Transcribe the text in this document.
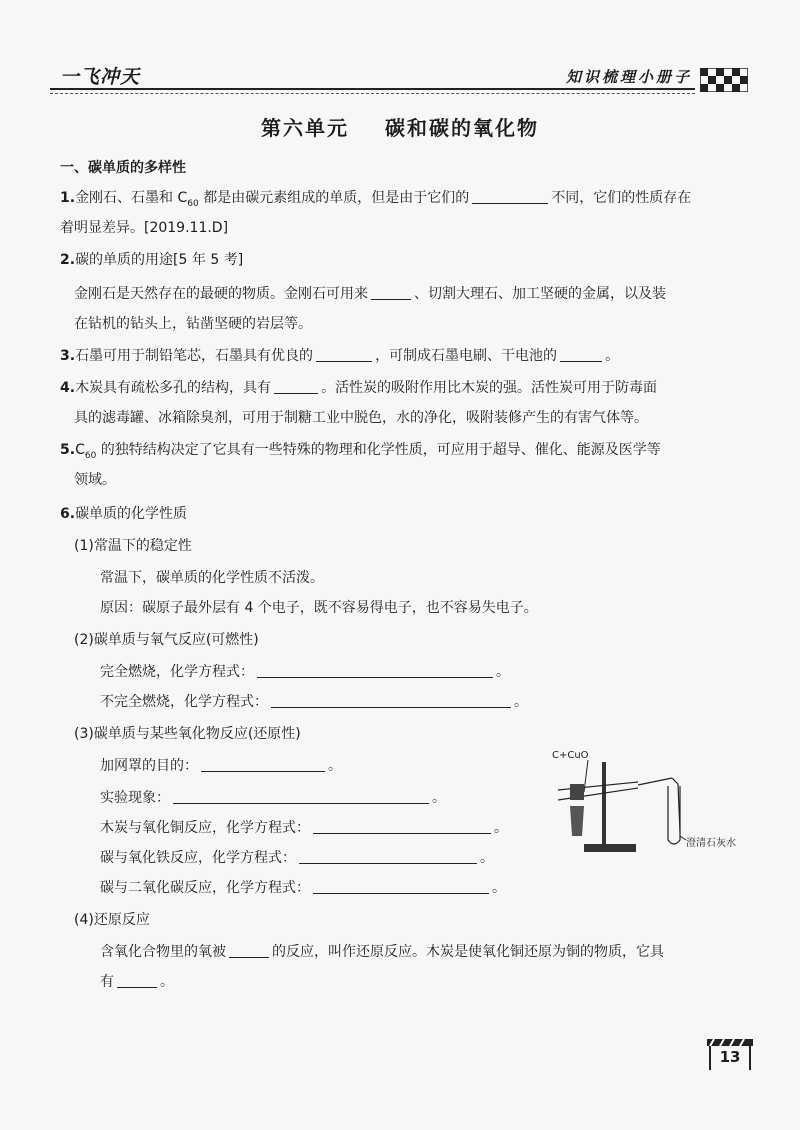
一飞冲天	知识梳理小册子
第六单元 碳和碳的氧化物
一、碳单质的多样性
1.金刚石、石墨和 $C_{60}$ 都是由碳元素组成的单质，但是由于它们的	不同，它们的性质存在
着明显差异。[2019.11.D]
2.碳的单质的用途[5 年 5 考]
金刚石是天然存在的最硬的物质。金刚石可用来	、切割大理石、加工坚硬的金属，以及装
在钻机的钻头上，钻凿坚硬的岩层等。
3.石墨可用于制铅笔芯，石墨具有优良的	，可制成石墨电刷、干电池的	。
4.木炭具有疏松多孔的结构，具有	。活性炭的吸附作用比木炭的强。活性炭可用于防毒面
具的滤毒罐、冰箱除臭剂，可用于制糖工业中脱色，水的净化，吸附装修产生的有害气体等。
$5.C_{60}$ 的独特结构决定了它具有一些特殊的物理和化学性质，可应用于超导、催化、能源及医学等
领域。
6.碳单质的化学性质
(1)常温下的稳定性
常温下，碳单质的化学性质不活泼。
原因：碳原子最外层有 4 个电子，既不容易得电子，也不容易失电子。
(2)碳单质与氧气反应(可燃性)
完全燃烧，化学方程式：	。
不完全燃烧，化学方程式：	。
(3)碳单质与某些氧化物反应(还原性)
加网罩的目的：	。
实验现象：	。
木炭与氧化铜反应，化学方程式：	。
碳与氧化铁反应，化学方程式：	。
碳与二氧化碳反应，化学方程式：	。
(4)还原反应
含氧化合物里的氧被	的反应，叫作还原反应。木炭是使氧化铜还原为铜的物质，它具
有	。
C+CuO
澄清石灰水
13
